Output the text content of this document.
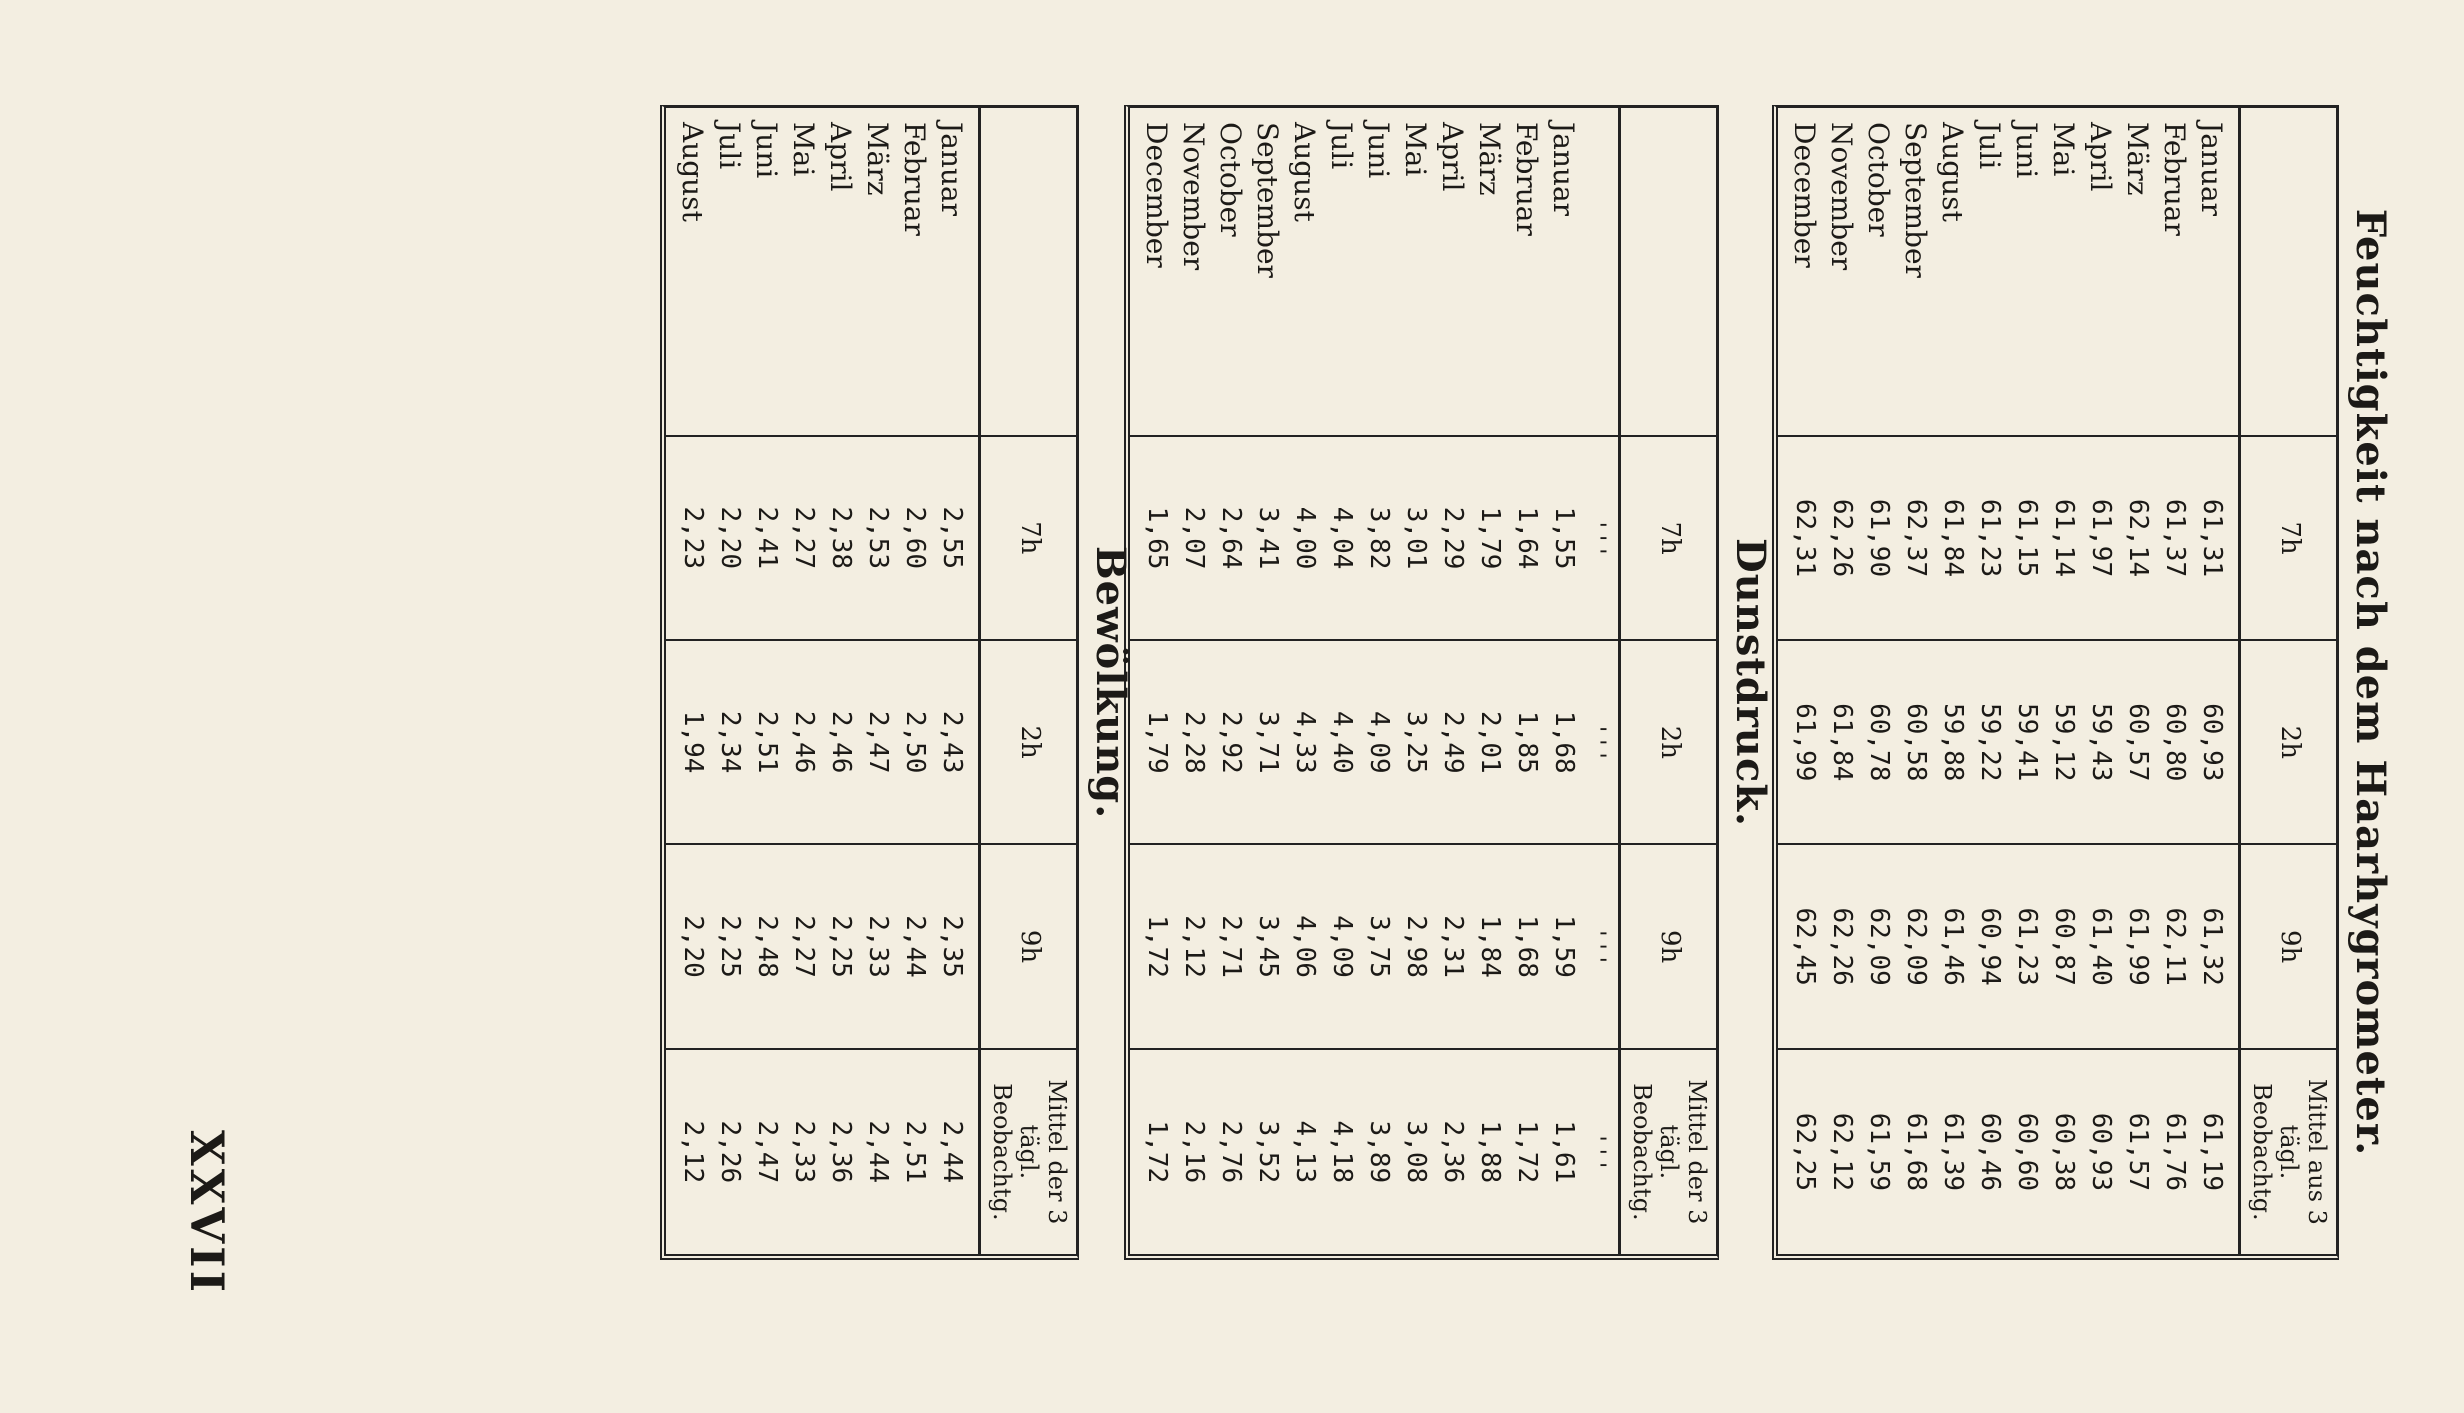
XXVII
Feuchtigkeit nach dem Haarhygrometer.
	7h	2h	9h	Mittel aus 3 tägl. Beobachtg.
Januar	61,31	60,93	61,32	61,19
Februar	61,37	60,80	62,11	61,76
März	62,14	60,57	61,99	61,57
April	61,97	59,43	61,40	60,93
Mai	61,14	59,12	60,87	60,38
Juni	61,15	59,41	61,23	60,60
Juli	61,23	59,22	60,94	60,46
August	61,84	59,88	61,46	61,39
September	62,37	60,58	62,09	61,68
October	61,90	60,78	62,09	61,59
November	62,26	61,84	62,26	62,12
December	62,31	61,99	62,45	62,25
Dunstdruck.
	7h	2h	9h	Mittel der 3 tägl. Beobachtg.
	'''	'''	'''	'''
Januar	1,55	1,68	1,59	1,61
Februar	1,64	1,85	1,68	1,72
März	1,79	2,01	1,84	1,88
April	2,29	2,49	2,31	2,36
Mai	3,01	3,25	2,98	3,08
Juni	3,82	4,09	3,75	3,89
Juli	4,04	4,40	4,09	4,18
August	4,00	4,33	4,06	4,13
September	3,41	3,71	3,45	3,52
October	2,64	2,92	2,71	2,76
November	2,07	2,28	2,12	2,16
December	1,65	1,79	1,72	1,72
Bewölkung.
	7h	2h	9h	Mittel der 3 tägl. Beobachtg.
Januar	2,55	2,43	2,35	2,44
Februar	2,60	2,50	2,44	2,51
März	2,53	2,47	2,33	2,44
April	2,38	2,46	2,25	2,36
Mai	2,27	2,46	2,27	2,33
Juni	2,41	2,51	2,48	2,47
Juli	2,20	2,34	2,25	2,26
August	2,23	1,94	2,20	2,12
